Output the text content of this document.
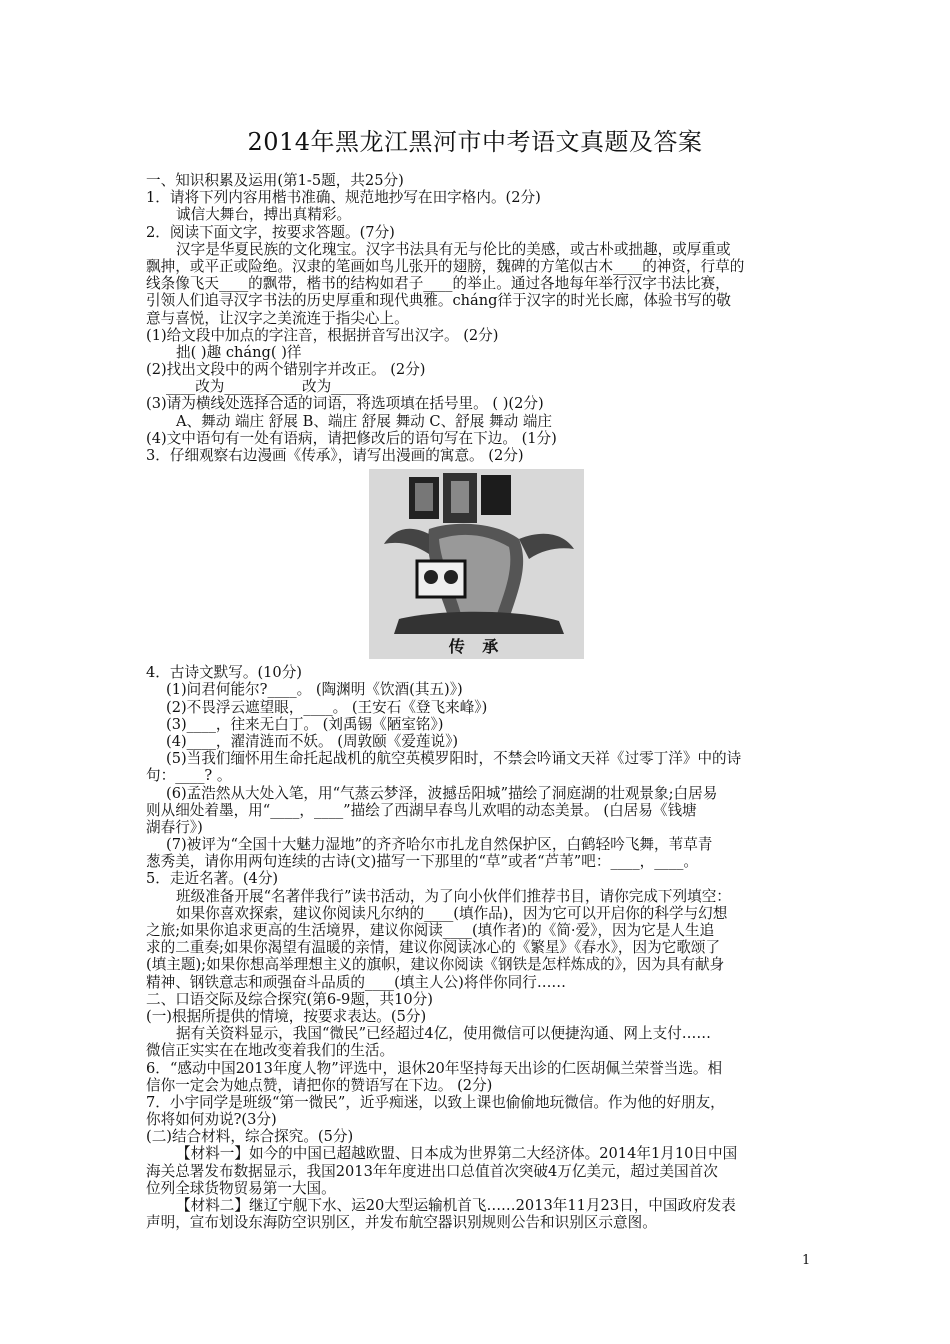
2014年黑龙江黑河市中考语文真题及答案
一、知识积累及运用(第1-5题，共25分)
1．请将下列内容用楷书准确、规范地抄写在田字格内。(2分)
诚信大舞台，搏出真精彩。
2．阅读下面文字，按要求答题。(7分)
汉字是华夏民族的文化瑰宝。汉字书法具有无与伦比的美感，或古朴或拙趣，或厚重或
飘抻，或平正或险绝。汉隶的笔画如鸟儿张开的翅膀，魏碑的方笔似古木____的神资，行草的
线条像飞天____的飘带，楷书的结构如君子____的举止。通过各地每年举行汉字书法比赛，
引领人们追寻汉字书法的历史厚重和现代典雅。cháng徉于汉字的时光长廊，体验书写的敬
意与喜悦，让汉字之美流连于指尖心上。
(1)给文段中加点的字注音，根据拼音写出汉字。 (2分)
拙( )趣 cháng( )徉
(2)找出文段中的两个错别字并改正。 (2分)
____改为_____ _____改为_____
(3)请为横线处选择合适的词语，将选项填在括号里。 ( )(2分)
A、舞动 端庄 舒展 B、端庄 舒展 舞动 C、舒展 舞动 端庄
(4)文中语句有一处有语病，请把修改后的语句写在下边。 (1分)
3．仔细观察右边漫画《传承》，请写出漫画的寓意。 (2分)
传 承
4．古诗文默写。(10分)
(1)问君何能尔?____。 (陶渊明《饮酒(其五)》)
(2)不畏浮云遮望眼，____。 (王安石《登飞来峰》)
(3)____，往来无白丁。 (刘禹锡《陋室铭》)
(4)____，濯清涟而不妖。 (周敦颐《爱莲说》)
(5)当我们缅怀用生命托起战机的航空英模罗阳时，不禁会吟诵文天祥《过零丁洋》中的诗
句：____? 。
(6)孟浩然从大处入笔，用“气蒸云梦泽，波撼岳阳城”描绘了洞庭湖的壮观景象;白居易
则从细处着墨，用“____，____”描绘了西湖早春鸟儿欢唱的动态美景。 (白居易《钱塘
湖春行》)
(7)被评为“全国十大魅力湿地”的齐齐哈尔市扎龙自然保护区，白鹤轻吟飞舞，苇草青
葱秀美，请你用两句连续的古诗(文)描写一下那里的“草”或者“芦苇”吧：____，____。
5．走近名著。(4分)
班级准备开展“名著伴我行”读书活动，为了向小伙伴们推荐书目，请你完成下列填空：
如果你喜欢探索，建议你阅读凡尔纳的____(填作品)，因为它可以开启你的科学与幻想
之旅;如果你追求更高的生活境界，建议你阅读____(填作者)的《简·爱》，因为它是人生追
求的二重奏;如果你渴望有温暖的亲情，建议你阅读冰心的《繁星》《春水》，因为它歌颂了
(填主题);如果你想高举理想主义的旗帜，建议你阅读《钢铁是怎样炼成的》，因为具有献身
精神、钢铁意志和顽强奋斗品质的____(填主人公)将伴你同行……
二、口语交际及综合探究(第6-9题，共10分)
(一)根据所提供的情境，按要求表达。(5分)
据有关资料显示，我国“微民”已经超过4亿，使用微信可以便捷沟通、网上支付……
微信正实实在在地改变着我们的生活。
6．“感动中国2013年度人物”评选中，退休20年坚持每天出诊的仁医胡佩兰荣誉当选。相
信你一定会为她点赞，请把你的赞语写在下边。 (2分)
7．小宇同学是班级“第一微民”，近乎痴迷，以致上课也偷偷地玩微信。作为他的好朋友，
你将如何劝说?(3分)
(二)结合材料，综合探究。(5分)
【材料一】如今的中国已超越欧盟、日本成为世界第二大经济体。2014年1月10日中国
海关总署发布数据显示，我国2013年年度进出口总值首次突破4万亿美元，超过美国首次
位列全球货物贸易第一大国。
【材料二】继辽宁舰下水、运20大型运输机首飞……2013年11月23日，中国政府发表
声明，宣布划设东海防空识别区，并发布航空器识别规则公告和识别区示意图。
1
